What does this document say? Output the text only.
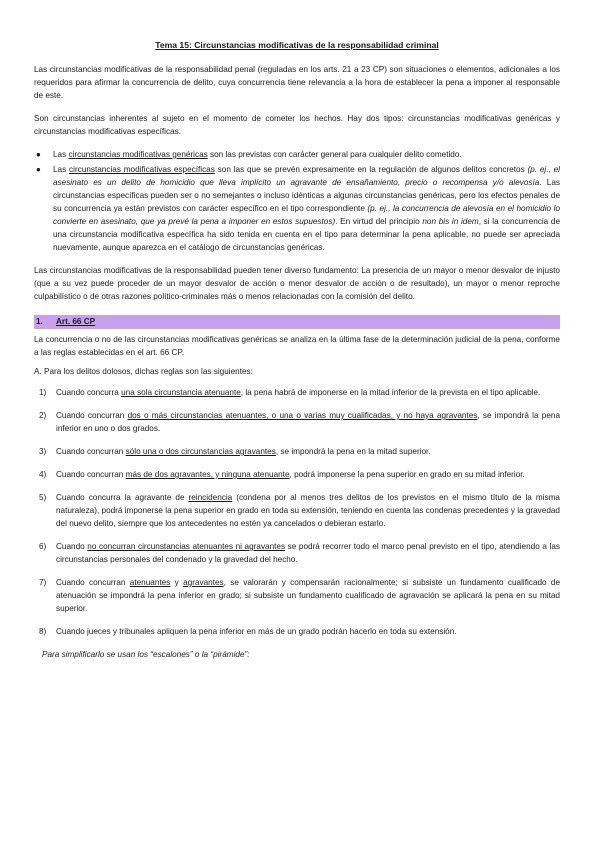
Tema 15: Circunstancias modificativas de la responsabilidad criminal

Las circunstancias modificativas de la responsabilidad penal (reguladas en los arts. 21 a 23 CP) son situaciones o elementos, adicionales a los requeridos para afirmar la concurrencia de delito, cuya concurrencia tiene relevancia a la hora de establecer la pena a imponer al responsable de este.

Son circunstancias inherentes al sujeto en el momento de cometer los hechos. Hay dos tipos: circunstancias modificativas genéricas y circunstancias modificativas específicas.

● Las circunstancias modificativas genéricas son las previstas con carácter general para cualquier delito cometido.
● Las circunstancias modificativas específicas son las que se prevén expresamente en la regulación de algunos delitos concretos (p. ej., el asesinato es un delito de homicidio que lleva implícito un agravante de ensañamiento, precio o recompensa y/o alevosía. Las circunstancias específicas pueden ser o no semejantes o incluso idénticas a algunas circunstancias genéricas, pero los efectos penales de su concurrencia ya están previstos con carácter específico en el tipo correspondiente (p. ej., la concurrencia de alevosía en el homicidio lo convierte en asesinato, que ya prevé la pena a imponer en estos supuestos). En virtud del principio non bis in idem, si la concurrencia de una circunstancia modificativa específica ha sido tenida en cuenta en el tipo para determinar la pena aplicable, no puede ser apreciada nuevamente, aunque aparezca en el catálogo de circunstancias genéricas.

Las circunstancias modificativas de la responsabilidad pueden tener diverso fundamento: La presencia de un mayor o menor desvalor de injusto (que a su vez puede proceder de un mayor desvalor de acción o menor desvalor de acción o de resultado), un mayor o menor reproche culpabilístico o de otras razones político-criminales más o menos relacionadas con la comisión del delito.

1. Art. 66 CP

La concurrencia o no de las circunstancias modificativas genéricas se analiza en la última fase de la determinación judicial de la pena, conforme a las reglas establecidas en el art. 66 CP.

A. Para los delitos dolosos, dichas reglas son las siguientes:

1) Cuando concurra una sola circunstancia atenuante, la pena habrá de imponerse en la mitad inferior de la prevista en el tipo aplicable.
2) Cuando concurran dos o más circunstancias atenuantes, o una o varias muy cualificadas, y no haya agravantes, se impondrá la pena inferior en uno o dos grados.
3) Cuando concurran sólo una o dos circunstancias agravantes, se impondrá la pena en la mitad superior.
4) Cuando concurran más de dos agravantes, y ninguna atenuante, podrá imponerse la pena superior en grado en su mitad inferior.
5) Cuando concurra la agravante de reincidencia (condena por al menos tres delitos de los previstos en el mismo título de la misma naturaleza), podrá imponerse la pena superior en grado en toda su extensión, teniendo en cuenta las condenas precedentes y la gravedad del nuevo delito, siempre que los antecedentes no estén ya cancelados o debieran estarlo.
6) Cuando no concurran circunstancias atenuantes ni agravantes se podrá recorrer todo el marco penal previsto en el tipo, atendiendo a las circunstancias personales del condenado y la gravedad del hecho.
7) Cuando concurran atenuantes y agravantes, se valorarán y compensarán racionalmente; si subsiste un fundamento cualificado de atenuación se impondrá la pena inferior en grado; si subsiste un fundamento cualificado de agravación se aplicará la pena en su mitad superior.
8) Cuando jueces y tribunales apliquen la pena inferior en más de un grado podrán hacerlo en toda su extensión.

Para simplificarlo se usan los “escalones” o la “pirámide”:
